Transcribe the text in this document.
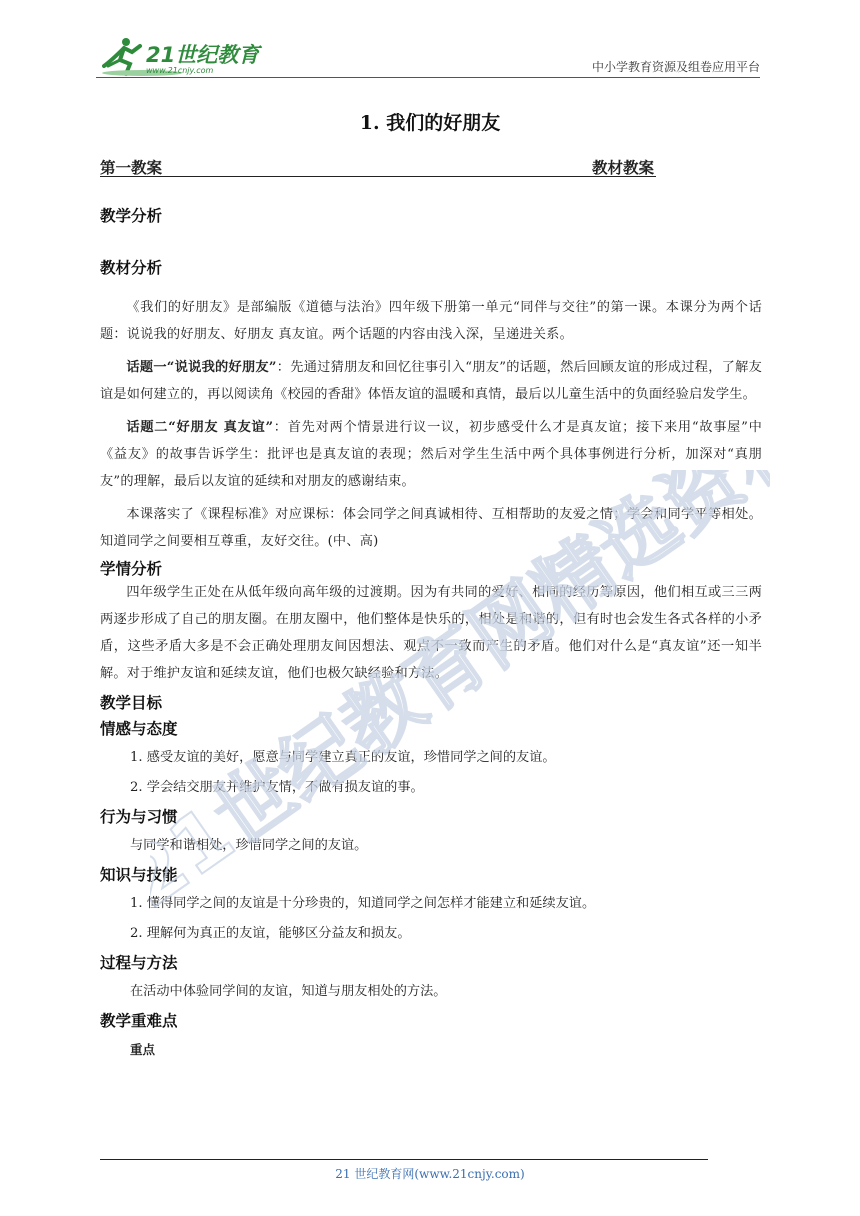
21世纪教育
www.21cnjy.com	中小学教育资源及组卷应用平台
1. 我们的好朋友
第一教案	教材教案
教学分析
教材分析

《我们的好朋友》是部编版《道德与法治》四年级下册第一单元“同伴与交往”的第一课。本课分为两个话题：说说我的好朋友、好朋友 真友谊。两个话题的内容由浅入深，呈递进关系。

话题一“说说我的好朋友”：先通过猜朋友和回忆往事引入“朋友”的话题，然后回顾友谊的形成过程，了解友谊是如何建立的，再以阅读角《校园的香甜》体悟友谊的温暖和真情，最后以儿童生活中的负面经验启发学生。

话题二“好朋友 真友谊”：首先对两个情景进行议一议，初步感受什么才是真友谊；接下来用“故事屋”中《益友》的故事告诉学生：批评也是真友谊的表现；然后对学生生活中两个具体事例进行分析，加深对“真朋友”的理解，最后以友谊的延续和对朋友的感谢结束。

本课落实了《课程标准》对应课标：体会同学之间真诚相待、互相帮助的友爱之情；学会和同学平等相处。知道同学之间要相互尊重，友好交往。(中、高)

学情分析

四年级学生正处在从低年级向高年级的过渡期。因为有共同的爱好、相同的经历等原因，他们相互或三三两两逐步形成了自己的朋友圈。在朋友圈中，他们整体是快乐的，相处是和谐的，但有时也会发生各式各样的小矛盾，这些矛盾大多是不会正确处理朋友间因想法、观点不一致而产生的矛盾。他们对什么是“真友谊”还一知半解。对于维护友谊和延续友谊，他们也极欠缺经验和方法。

教学目标
情感与态度

1. 感受友谊的美好，愿意与同学建立真正的友谊，珍惜同学之间的友谊。

2. 学会结交朋友并维护友情，不做有损友谊的事。

行为与习惯

与同学和谐相处，珍惜同学之间的友谊。

知识与技能

1. 懂得同学之间的友谊是十分珍贵的，知道同学之间怎样才能建立和延续友谊。

2. 理解何为真正的友谊，能够区分益友和损友。

过程与方法

在活动中体验同学间的友谊，知道与朋友相处的方法。

教学重难点

重点

21世纪教育网精选资料
21 世纪教育网(www.21cnjy.com)
